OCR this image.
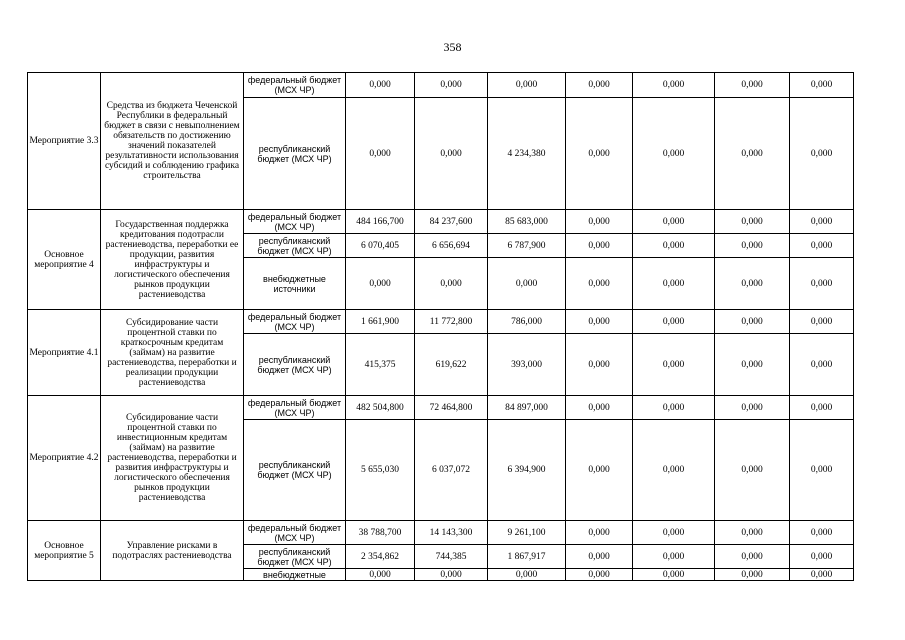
358
Мероприятие 3.3	Средства из бюджета Чеченской Республики в федеральный бюджет в связи с невыполнением обязательств по достижению значений показателей результативности использования субсидий и соблюдению графика строительства	федеральный бюджет (МСХ ЧР)	0,000	0,000	0,000	0,000	0,000	0,000	0,000
		республиканский бюджет (МСХ ЧР)	0,000	0,000	4 234,380	0,000	0,000	0,000	0,000
Основное мероприятие 4	Государственная поддержка кредитования подотрасли растениеводства, переработки ее продукции, развития инфраструктуры и логистического обеспечения рынков продукции растениеводства	федеральный бюджет (МСХ ЧР)	484 166,700	84 237,600	85 683,000	0,000	0,000	0,000	0,000
		республиканский бюджет (МСХ ЧР)	6 070,405	6 656,694	6 787,900	0,000	0,000	0,000	0,000
		внебюджетные источники	0,000	0,000	0,000	0,000	0,000	0,000	0,000
Мероприятие 4.1	Субсидирование части процентной ставки по краткосрочным кредитам (займам) на развитие растениеводства, переработки и реализации продукции растениеводства	федеральный бюджет (МСХ ЧР)	1 661,900	11 772,800	786,000	0,000	0,000	0,000	0,000
		республиканский бюджет (МСХ ЧР)	415,375	619,622	393,000	0,000	0,000	0,000	0,000
Мероприятие 4.2	Субсидирование части процентной ставки по инвестиционным кредитам (займам) на развитие растениеводства, переработки и развития инфраструктуры и логистического обеспечения рынков продукции растениеводства	федеральный бюджет (МСХ ЧР)	482 504,800	72 464,800	84 897,000	0,000	0,000	0,000	0,000
		республиканский бюджет (МСХ ЧР)	5 655,030	6 037,072	6 394,900	0,000	0,000	0,000	0,000
Основное мероприятие 5	Управление рисками в подотраслях растениеводства	федеральный бюджет (МСХ ЧР)	38 788,700	14 143,300	9 261,100	0,000	0,000	0,000	0,000
		республиканский бюджет (МСХ ЧР)	2 354,862	744,385	1 867,917	0,000	0,000	0,000	0,000
		внебюджетные	0,000	0,000	0,000	0,000	0,000	0,000	0,000
